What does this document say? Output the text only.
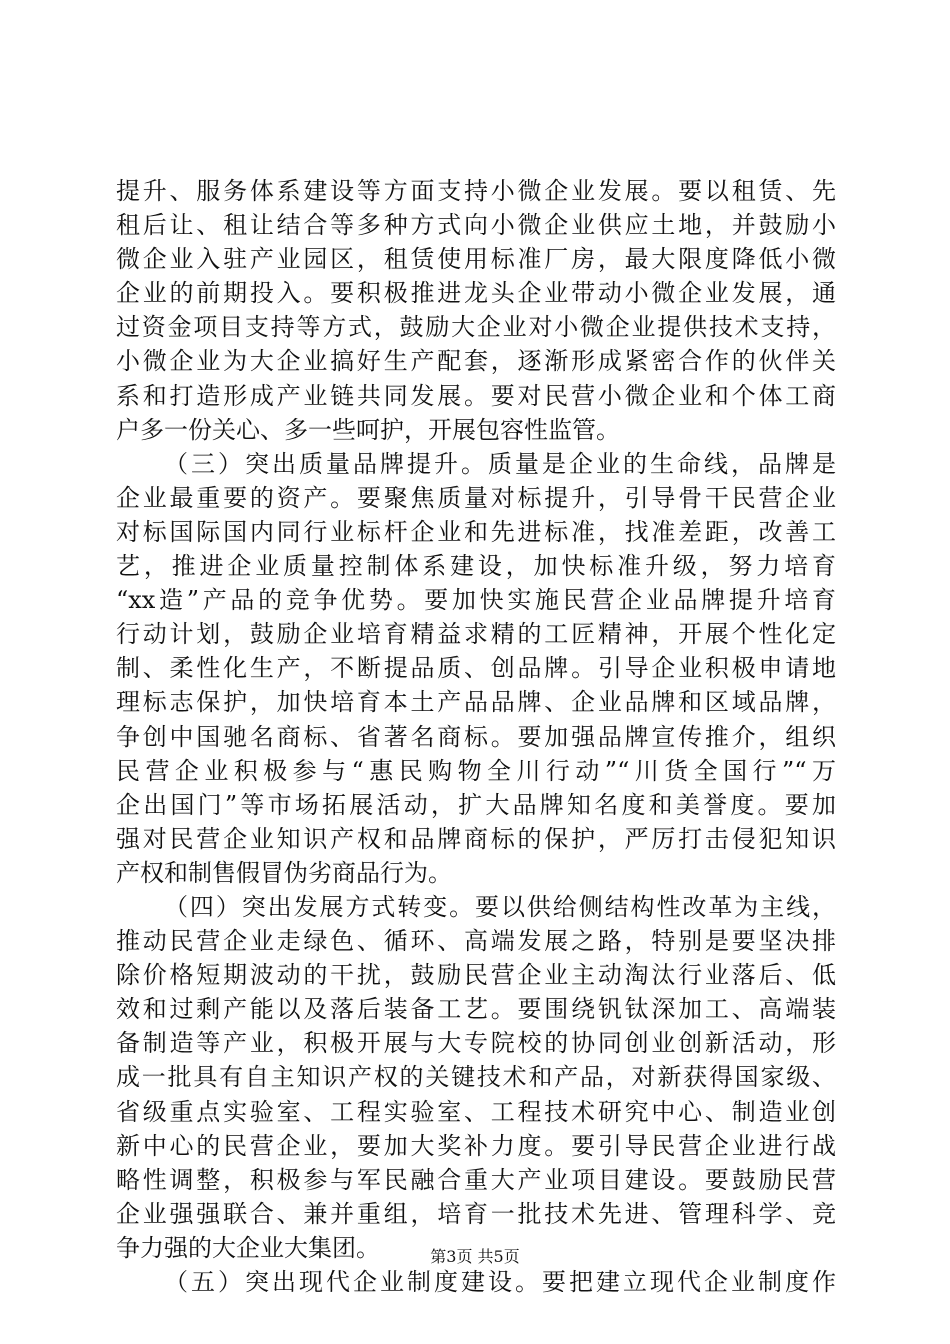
提升、服务体系建设等方面支持小微企业发展。要以租赁、先
租后让、租让结合等多种方式向小微企业供应土地，并鼓励小
微企业入驻产业园区，租赁使用标准厂房，最大限度降低小微
企业的前期投入。要积极推进龙头企业带动小微企业发展，通
过资金项目支持等方式，鼓励大企业对小微企业提供技术支持，
小微企业为大企业搞好生产配套，逐渐形成紧密合作的伙伴关
系和打造形成产业链共同发展。要对民营小微企业和个体工商
户多一份关心、多一些呵护，开展包容性监管。
（三）突出质量品牌提升。质量是企业的生命线，品牌是
企业最重要的资产。要聚焦质量对标提升，引导骨干民营企业
对标国际国内同行业标杆企业和先进标准，找准差距，改善工
艺，推进企业质量控制体系建设，加快标准升级，努力培育
“xx造”产品的竞争优势。要加快实施民营企业品牌提升培育
行动计划，鼓励企业培育精益求精的工匠精神，开展个性化定
制、柔性化生产，不断提品质、创品牌。引导企业积极申请地
理标志保护，加快培育本土产品品牌、企业品牌和区域品牌，
争创中国驰名商标、省著名商标。要加强品牌宣传推介，组织
民营企业积极参与“惠民购物全川行动”“川货全国行”“万
企出国门”等市场拓展活动，扩大品牌知名度和美誉度。要加
强对民营企业知识产权和品牌商标的保护，严厉打击侵犯知识
产权和制售假冒伪劣商品行为。
（四）突出发展方式转变。要以供给侧结构性改革为主线，
推动民营企业走绿色、循环、高端发展之路，特别是要坚决排
除价格短期波动的干扰，鼓励民营企业主动淘汰行业落后、低
效和过剩产能以及落后装备工艺。要围绕钒钛深加工、高端装
备制造等产业，积极开展与大专院校的协同创业创新活动，形
成一批具有自主知识产权的关键技术和产品，对新获得国家级、
省级重点实验室、工程实验室、工程技术研究中心、制造业创
新中心的民营企业，要加大奖补力度。要引导民营企业进行战
略性调整，积极参与军民融合重大产业项目建设。要鼓励民营
企业强强联合、兼并重组，培育一批技术先进、管理科学、竞
争力强的大企业大集团。
（五）突出现代企业制度建设。要把建立现代企业制度作
第3页 共5页
